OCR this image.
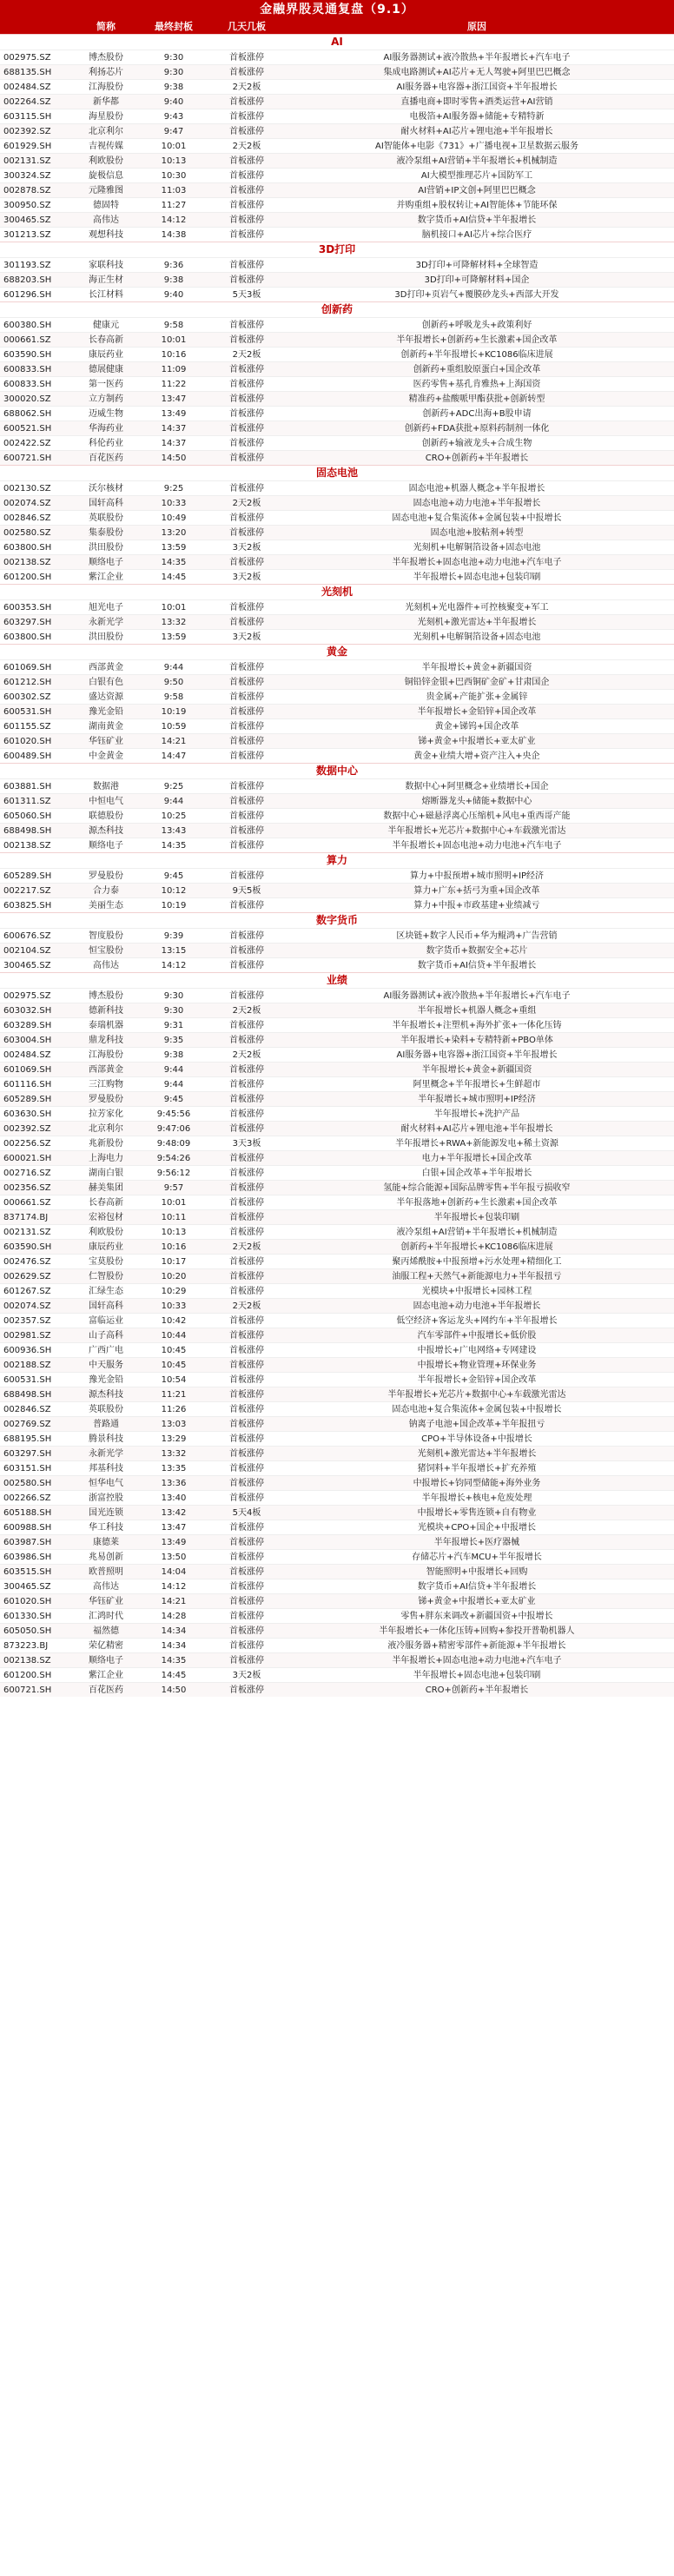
金融界股灵通复盘（9.1）
简称	最终封板	几天几板	原因
AI
002975.SZ	博杰股份	9:30	首板涨停	AI服务器测试+液冷散热+半年报增长+汽车电子
688135.SH	利扬芯片	9:30	首板涨停	集成电路测试+AI芯片+无人驾驶+阿里巴巴概念
002484.SZ	江海股份	9:38	2天2板	AI服务器+电容器+浙江国资+半年报增长
002264.SZ	新华都	9:40	首板涨停	直播电商+即时零售+酒类运营+AI营销
603115.SH	海星股份	9:43	首板涨停	电极箔+AI服务器+储能+专精特新
002392.SZ	北京利尔	9:47	首板涨停	耐火材料+AI芯片+锂电池+半年报增长
601929.SH	吉视传媒	10:01	2天2板	AI智能体+电影《731》+广播电视+卫星数据云服务
002131.SZ	利欧股份	10:13	首板涨停	液冷泵组+AI营销+半年报增长+机械制造
300324.SZ	旋极信息	10:30	首板涨停	AI大模型推理芯片+国防军工
002878.SZ	元隆雅图	11:03	首板涨停	AI营销+IP文创+阿里巴巴概念
300950.SZ	德固特	11:27	首板涨停	并购重组+股权转让+AI智能体+节能环保
300465.SZ	高伟达	14:12	首板涨停	数字货币+AI信贷+半年报增长
301213.SZ	观想科技	14:38	首板涨停	脑机接口+AI芯片+综合医疗
3D打印
301193.SZ	家联科技	9:36	首板涨停	3D打印+可降解材料+全球智造
688203.SH	海正生材	9:38	首板涨停	3D打印+可降解材料+国企
601296.SH	长江材料	9:40	5天3板	3D打印+页岩气+覆膜砂龙头+西部大开发
创新药
600380.SH	健康元	9:58	首板涨停	创新药+呼吸龙头+政策利好
000661.SZ	长春高新	10:01	首板涨停	半年报增长+创新药+生长激素+国企改革
603590.SH	康辰药业	10:16	2天2板	创新药+半年报增长+KC1086临床进展
600833.SH	德展健康	11:09	首板涨停	创新药+重组胶原蛋白+国企改革
600833.SH	第一医药	11:22	首板涨停	医药零售+基孔肯雅热+上海国资
300020.SZ	立方制药	13:47	首板涨停	精准药+盐酸哌甲酯获批+创新转型
688062.SH	迈威生物	13:49	首板涨停	创新药+ADC出海+B股申请
600521.SH	华海药业	14:37	首板涨停	创新药+FDA获批+原料药制剂一体化
002422.SZ	科伦药业	14:37	首板涨停	创新药+输液龙头+合成生物
600721.SH	百花医药	14:50	首板涨停	CRO+创新药+半年报增长
固态电池
002130.SZ	沃尔核材	9:25	首板涨停	固态电池+机器人概念+半年报增长
002074.SZ	国轩高科	10:33	2天2板	固态电池+动力电池+半年报增长
002846.SZ	英联股份	10:49	首板涨停	固态电池+复合集流体+金属包装+中报增长
002580.SZ	集泰股份	13:20	首板涨停	固态电池+胶粘剂+转型
603800.SH	洪田股份	13:59	3天2板	光刻机+电解铜箔设备+固态电池
002138.SZ	顺络电子	14:35	首板涨停	半年报增长+固态电池+动力电池+汽车电子
601200.SH	紫江企业	14:45	3天2板	半年报增长+固态电池+包装印刷
光刻机
600353.SH	旭光电子	10:01	首板涨停	光刻机+光电器件+可控核聚变+军工
603297.SH	永新光学	13:32	首板涨停	光刻机+激光雷达+半年报增长
603800.SH	洪田股份	13:59	3天2板	光刻机+电解铜箔设备+固态电池
黄金
601069.SH	西部黄金	9:44	首板涨停	半年报增长+黄金+新疆国资
601212.SH	白银有色	9:50	首板涨停	铜铅锌金银+巴西铜矿金矿+甘肃国企
600302.SZ	盛达资源	9:58	首板涨停	贵金属+产能扩张+金属锌
600531.SH	豫光金铅	10:19	首板涨停	半年报增长+金铅锌+国企改革
601155.SZ	湖南黄金	10:59	首板涨停	黄金+锑钨+国企改革
601020.SH	华钰矿业	14:21	首板涨停	锑+黄金+中报增长+亚太矿业
600489.SH	中金黄金	14:47	首板涨停	黄金+业绩大增+资产注入+央企
数据中心
603881.SH	数据港	9:25	首板涨停	数据中心+阿里概念+业绩增长+国企
601311.SZ	中恒电气	9:44	首板涨停	熔断器龙头+储能+数据中心
605060.SH	联德股份	10:25	首板涨停	数据中心+磁悬浮离心压缩机+风电+重西哥产能
688498.SH	源杰科技	13:43	首板涨停	半年报增长+光芯片+数据中心+车载激光雷达
002138.SZ	顺络电子	14:35	首板涨停	半年报增长+固态电池+动力电池+汽车电子
算力
605289.SH	罗曼股份	9:45	首板涨停	算力+中报预增+城市照明+IP经济
002217.SZ	合力泰	10:12	9天5板	算力+广东+括弓为重+国企改革
603825.SH	美丽生态	10:19	首板涨停	算力+中报+市政基建+业绩减亏
数字货币
600676.SZ	智度股份	9:39	首板涨停	区块链+数字人民币+华为鲲鸿+广告营销
002104.SZ	恒宝股份	13:15	首板涨停	数字货币+数据安全+芯片
300465.SZ	高伟达	14:12	首板涨停	数字货币+AI信贷+半年报增长
业绩
002975.SZ	博杰股份	9:30	首板涨停	AI服务器测试+液冷散热+半年报增长+汽车电子
603032.SH	德新科技	9:30	2天2板	半年报增长+机器人概念+重组
603289.SH	泰瑞机器	9:31	首板涨停	半年报增长+注塑机+海外扩张+一体化压铸
603004.SH	鼎龙科技	9:35	首板涨停	半年报增长+染料+专精特新+PBO单体
002484.SZ	江海股份	9:38	2天2板	AI服务器+电容器+浙江国资+半年报增长
601069.SH	西部黄金	9:44	首板涨停	半年报增长+黄金+新疆国资
601116.SH	三江购物	9:44	首板涨停	阿里概念+半年报增长+生鲜超市
605289.SH	罗曼股份	9:45	首板涨停	半年报增长+城市照明+IP经济
603630.SH	拉芳家化	9:45:56	首板涨停	半年报增长+洗护产品
002392.SZ	北京利尔	9:47:06	首板涨停	耐火材料+AI芯片+锂电池+半年报增长
002256.SZ	兆新股份	9:48:09	3天3板	半年报增长+RWA+新能源发电+稀土资源
600021.SH	上海电力	9:54:26	首板涨停	电力+半年报增长+国企改革
002716.SZ	湖南白银	9:56:12	首板涨停	白银+国企改革+半年报增长
002356.SZ	赫美集团	9:57	首板涨停	氢能+综合能源+国际品牌零售+半年报亏损收窄
000661.SZ	长春高新	10:01	首板涨停	半年报落地+创新药+生长激素+国企改革
837174.BJ	宏裕包材	10:11	首板涨停	半年报增长+包装印刷
002131.SZ	利欧股份	10:13	首板涨停	液冷泵组+AI营销+半年报增长+机械制造
603590.SH	康辰药业	10:16	2天2板	创新药+半年报增长+KC1086临床进展
002476.SZ	宝莫股份	10:17	首板涨停	聚丙烯酰胺+中报预增+污水处理+精细化工
002629.SZ	仁智股份	10:20	首板涨停	油服工程+天然气+新能源电力+半年报扭亏
601267.SZ	汇绿生态	10:29	首板涨停	光模块+中报增长+园林工程
002074.SZ	国轩高科	10:33	2天2板	固态电池+动力电池+半年报增长
002357.SZ	富临运业	10:42	首板涨停	低空经济+客运龙头+网约车+半年报增长
002981.SZ	山子高科	10:44	首板涨停	汽车零部件+中报增长+低价股
600936.SH	广西广电	10:45	首板涨停	中报增长+广电网络+专网建设
002188.SZ	中天服务	10:45	首板涨停	中报增长+物业管理+环保业务
600531.SH	豫光金铅	10:54	首板涨停	半年报增长+金铅锌+国企改革
688498.SH	源杰科技	11:21	首板涨停	半年报增长+光芯片+数据中心+车载激光雷达
002846.SZ	英联股份	11:26	首板涨停	固态电池+复合集流体+金属包装+中报增长
002769.SZ	普路通	13:03	首板涨停	钠离子电池+国企改革+半年报扭亏
688195.SH	腾景科技	13:29	首板涨停	CPO+半导体设备+中报增长
603297.SH	永新光学	13:32	首板涨停	光刻机+激光雷达+半年报增长
603151.SH	邦基科技	13:35	首板涨停	猪饲料+半年报增长+扩充养殖
002580.SH	恒华电气	13:36	首板涨停	中报增长+钧同型储能+海外业务
002266.SZ	浙富控股	13:40	首板涨停	半年报增长+核电+危废处理
605188.SH	国光连锁	13:42	5天4板	中报增长+零售连锁+自有物业
600988.SH	华工科技	13:47	首板涨停	光模块+CPO+国企+中报增长
603987.SH	康德莱	13:49	首板涨停	半年报增长+医疗器械
603986.SH	兆易创新	13:50	首板涨停	存储芯片+汽车MCU+半年报增长
603515.SH	欧普照明	14:04	首板涨停	智能照明+中报增长+回购
300465.SZ	高伟达	14:12	首板涨停	数字货币+AI信贷+半年报增长
601020.SH	华钰矿业	14:21	首板涨停	锑+黄金+中报增长+亚太矿业
601330.SH	汇鸿时代	14:28	首板涨停	零售+胖东来调改+新疆国资+中报增长
605050.SH	福然德	14:34	首板涨停	半年报增长+一体化压铸+回购+参投开普勒机器人
873223.BJ	荣亿精密	14:34	首板涨停	液冷服务器+精密零部件+新能源+半年报增长
002138.SZ	顺络电子	14:35	首板涨停	半年报增长+固态电池+动力电池+汽车电子
601200.SH	紫江企业	14:45	3天2板	半年报增长+固态电池+包装印刷
600721.SH	百花医药	14:50	首板涨停	CRO+创新药+半年报增长
